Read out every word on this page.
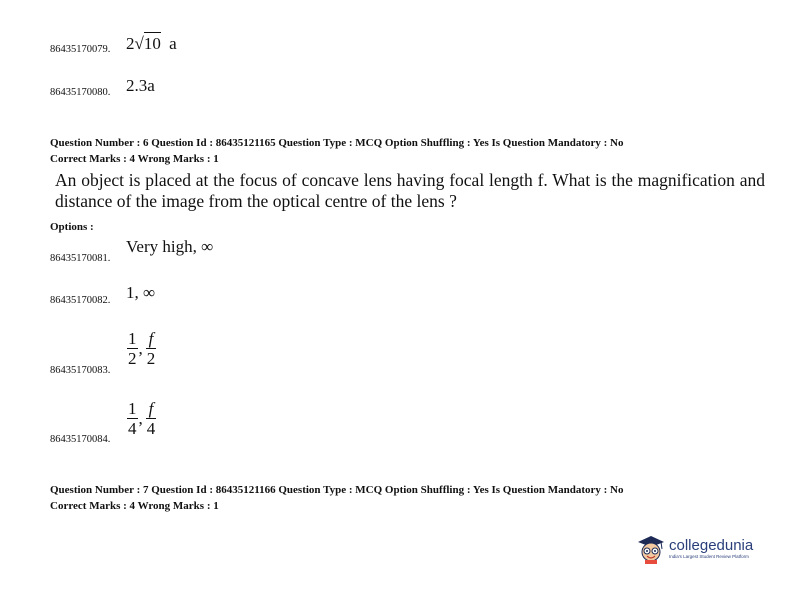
86435170079. 2√10 a
86435170080. 2.3a
Question Number : 6 Question Id : 86435121165 Question Type : MCQ Option Shuffling : Yes Is Question Mandatory : No
Correct Marks : 4 Wrong Marks : 1
An object is placed at the focus of concave lens having focal length f. What is the magnification and distance of the image from the optical centre of the lens ?
Options :
86435170081.
Very high, ∞
86435170082. 1, ∞
86435170083.
$\frac{1}{2}$ , $\frac{f}{2}$
86435170084.
$\frac{1}{4}$ , $\frac{f}{4}$
Question Number : 7 Question Id : 86435121166 Question Type : MCQ Option Shuffling : Yes Is Question Mandatory : No
Correct Marks : 4 Wrong Marks : 1
collegedunia
India's Largest Student Review Platform
